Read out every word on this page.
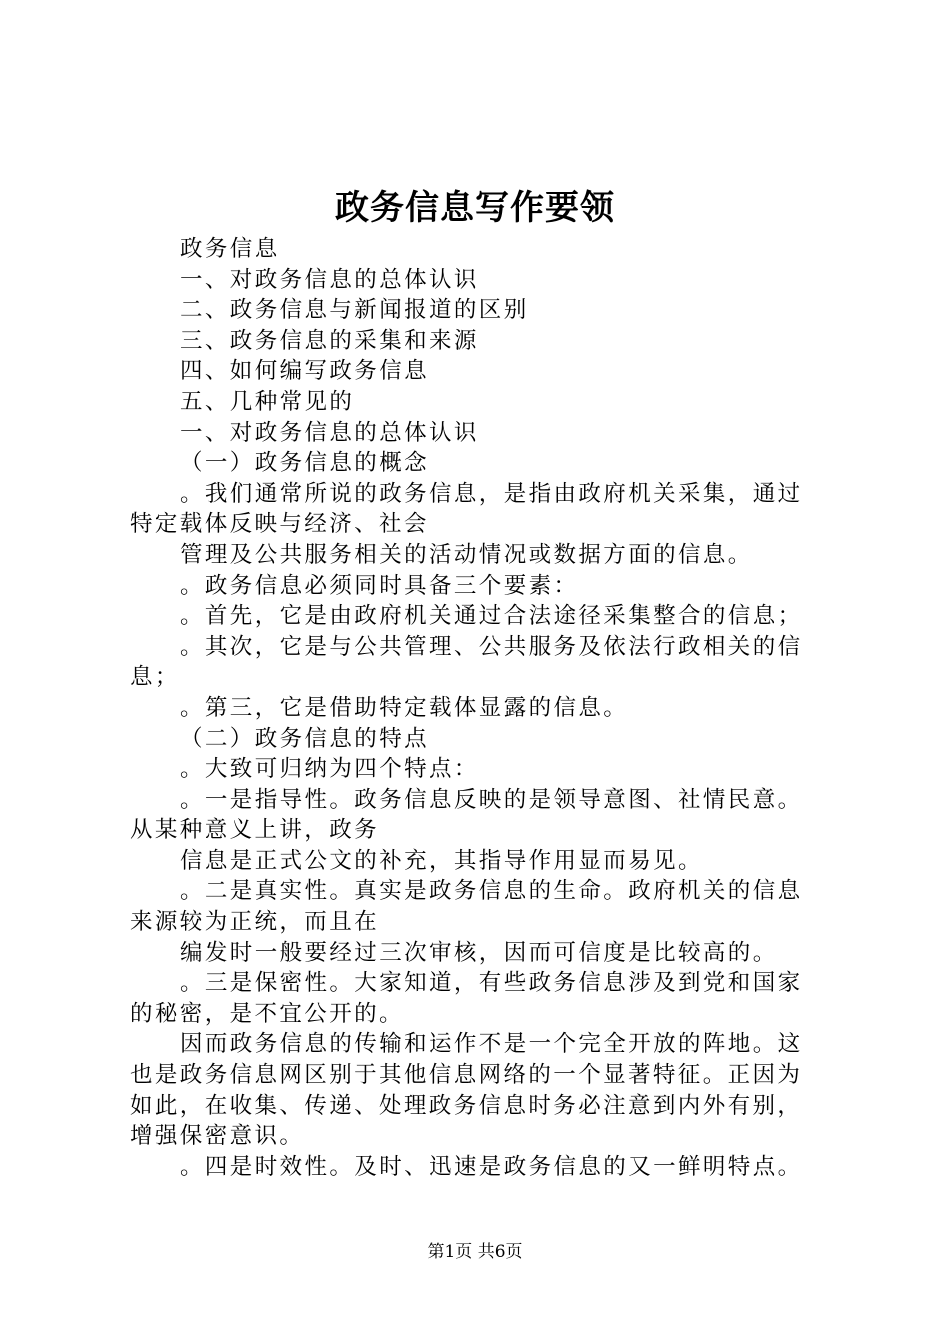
政务信息写作要领

政务信息

一、对政务信息的总体认识

二、政务信息与新闻报道的区别

三、政务信息的采集和来源

四、如何编写政务信息

五、几种常见的

一、对政务信息的总体认识

（一）政务信息的概念

。我们通常所说的政务信息，是指由政府机关采集，通过
特定载体反映与经济、社会

管理及公共服务相关的活动情况或数据方面的信息。

。政务信息必须同时具备三个要素：

。首先，它是由政府机关通过合法途径采集整合的信息；

。其次，它是与公共管理、公共服务及依法行政相关的信
息；

。第三，它是借助特定载体显露的信息。

（二）政务信息的特点

。大致可归纳为四个特点：

。一是指导性。政务信息反映的是领导意图、社情民意。
从某种意义上讲，政务

信息是正式公文的补充，其指导作用显而易见。

。二是真实性。真实是政务信息的生命。政府机关的信息
来源较为正统，而且在

编发时一般要经过三次审核，因而可信度是比较高的。

。三是保密性。大家知道，有些政务信息涉及到党和国家
的秘密，是不宜公开的。

因而政务信息的传输和运作不是一个完全开放的阵地。这
也是政务信息网区别于其他信息网络的一个显著特征。正因为
如此，在收集、传递、处理政务信息时务必注意到内外有别，
增强保密意识。

。四是时效性。及时、迅速是政务信息的又一鲜明特点。

第1页 共6页
